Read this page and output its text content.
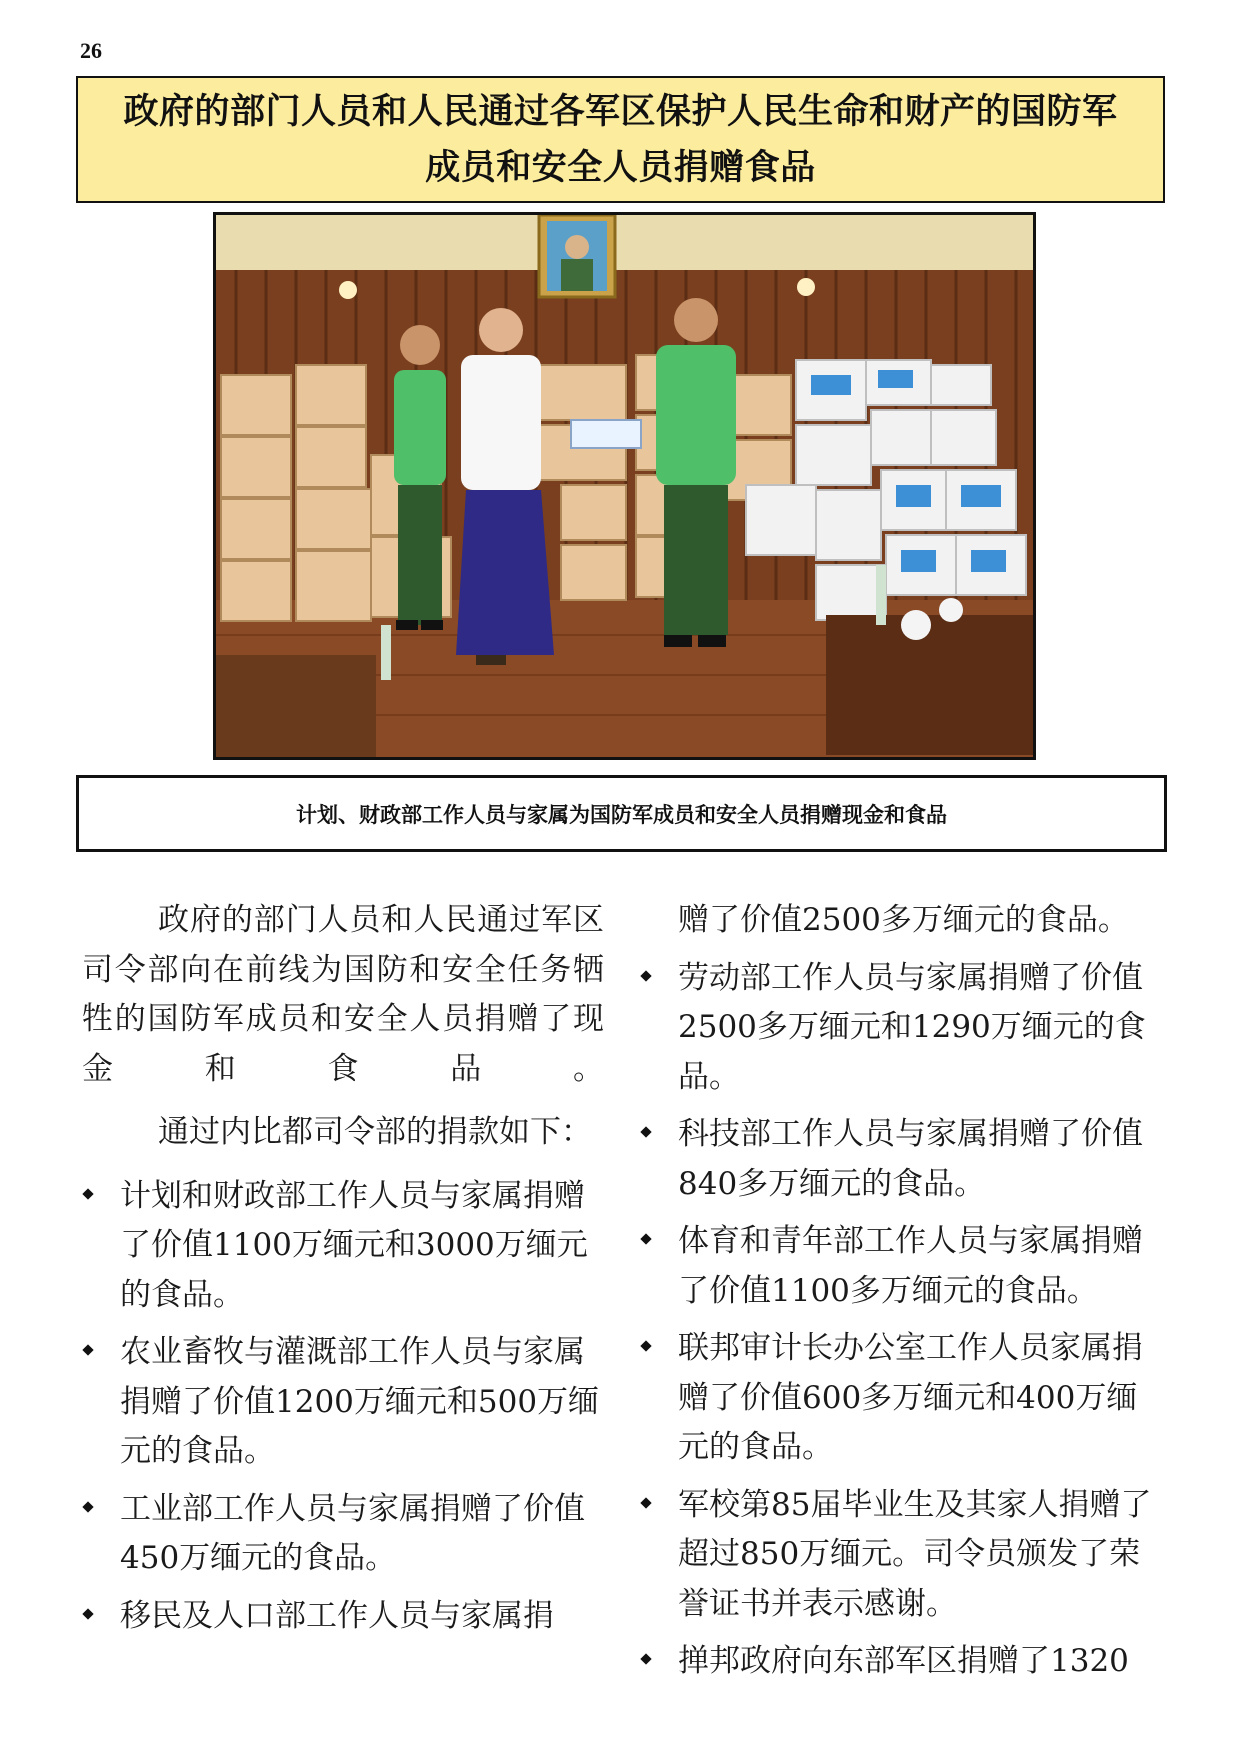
26
政府的部门人员和人民通过各军区保护人民生命和财产的国防军
成员和安全人员捐赠食品
计划、财政部工作人员与家属为国防军成员和安全人员捐赠现金和食品

政府的部门人员和人民通过军区司令部向在前线为国防和安全任务牺牲的国防军成员和安全人员捐赠了现金和食品。

通过内比都司令部的捐款如下：

计划和财政部工作人员与家属捐赠了价值1100万缅元和3000万缅元的食品。
农业畜牧与灌溉部工作人员与家属捐赠了价值1200万缅元和500万缅元的食品。
工业部工作人员与家属捐赠了价值450万缅元的食品。
移民及人口部工作人员与家属捐
赠了价值2500多万缅元的食品。
劳动部工作人员与家属捐赠了价值2500多万缅元和1290万缅元的食品。
科技部工作人员与家属捐赠了价值840多万缅元的食品。
体育和青年部工作人员与家属捐赠了价值1100多万缅元的食品。
联邦审计长办公室工作人员家属捐赠了价值600多万缅元和400万缅元的食品。
军校第85届毕业生及其家人捐赠了超过850万缅元。司令员颁发了荣誉证书并表示感谢。
掸邦政府向东部军区捐赠了1320
